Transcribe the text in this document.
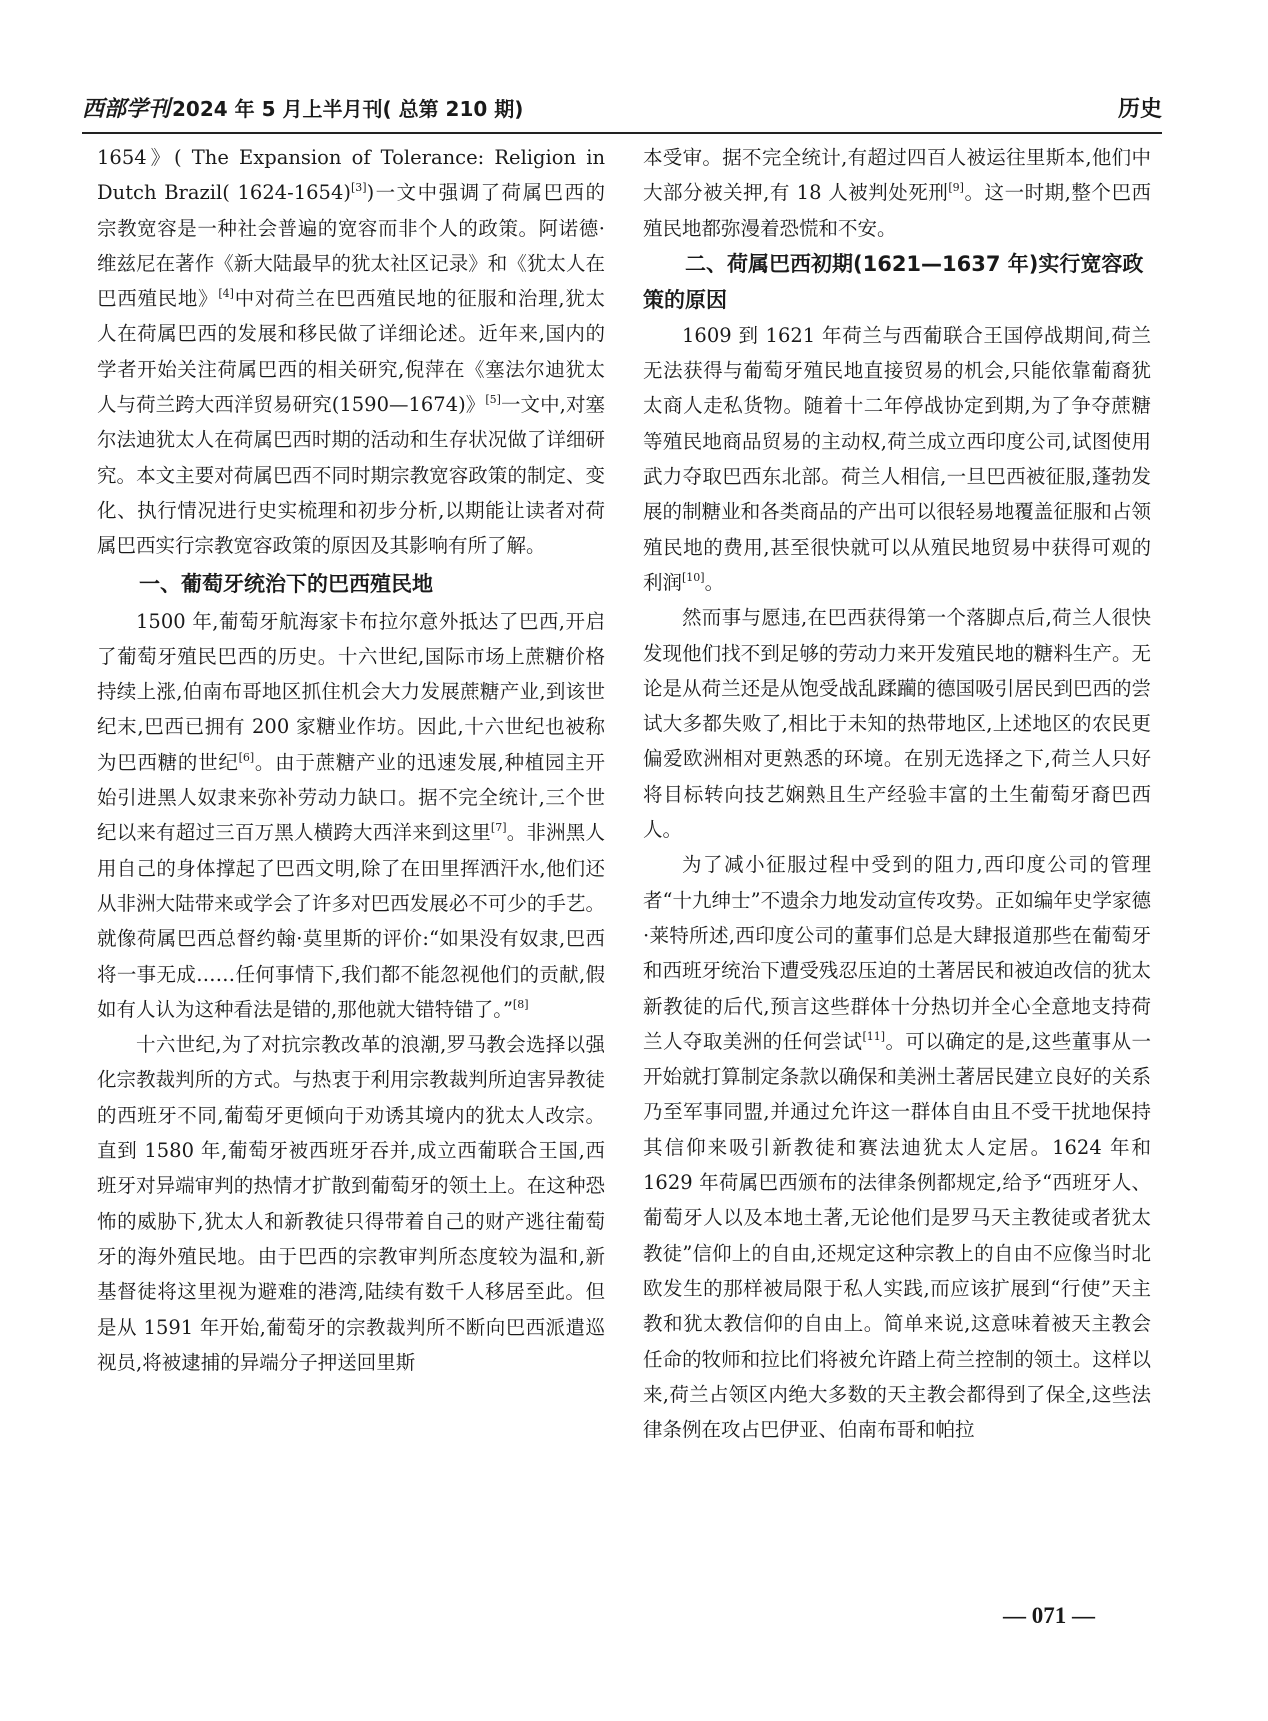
西部学刊 2024 年 5 月上半月刊( 总第 210 期)	历史

1654》( The Expansion of Tolerance: Religion in Dutch Brazil( 1624-1654)[3])一文中强调了荷属巴西的宗教宽容是一种社会普遍的宽容而非个人的政策。阿诺德·维兹尼在著作《新大陆最早的犹太社区记录》和《犹太人在巴西殖民地》[4]中对荷兰在巴西殖民地的征服和治理,犹太人在荷属巴西的发展和移民做了详细论述。近年来,国内的学者开始关注荷属巴西的相关研究,倪萍在《塞法尔迪犹太人与荷兰跨大西洋贸易研究(1590—1674)》[5]一文中,对塞尔法迪犹太人在荷属巴西时期的活动和生存状况做了详细研究。本文主要对荷属巴西不同时期宗教宽容政策的制定、变化、执行情况进行史实梳理和初步分析,以期能让读者对荷属巴西实行宗教宽容政策的原因及其影响有所了解。

一、葡萄牙统治下的巴西殖民地

1500 年,葡萄牙航海家卡布拉尔意外抵达了巴西,开启了葡萄牙殖民巴西的历史。十六世纪,国际市场上蔗糖价格持续上涨,伯南布哥地区抓住机会大力发展蔗糖产业,到该世纪末,巴西已拥有 200 家糖业作坊。因此,十六世纪也被称为巴西糖的世纪[6]。由于蔗糖产业的迅速发展,种植园主开始引进黑人奴隶来弥补劳动力缺口。据不完全统计,三个世纪以来有超过三百万黑人横跨大西洋来到这里[7]。非洲黑人用自己的身体撑起了巴西文明,除了在田里挥洒汗水,他们还从非洲大陆带来或学会了许多对巴西发展必不可少的手艺。就像荷属巴西总督约翰·莫里斯的评价:“如果没有奴隶,巴西将一事无成……任何事情下,我们都不能忽视他们的贡献,假如有人认为这种看法是错的,那他就大错特错了。”[8]

十六世纪,为了对抗宗教改革的浪潮,罗马教会选择以强化宗教裁判所的方式。与热衷于利用宗教裁判所迫害异教徒的西班牙不同,葡萄牙更倾向于劝诱其境内的犹太人改宗。直到 1580 年,葡萄牙被西班牙吞并,成立西葡联合王国,西班牙对异端审判的热情才扩散到葡萄牙的领土上。在这种恐怖的威胁下,犹太人和新教徒只得带着自己的财产逃往葡萄牙的海外殖民地。由于巴西的宗教审判所态度较为温和,新基督徒将这里视为避难的港湾,陆续有数千人移居至此。但是从 1591 年开始,葡萄牙的宗教裁判所不断向巴西派遣巡视员,将被逮捕的异端分子押送回里斯

本受审。据不完全统计,有超过四百人被运往里斯本,他们中大部分被关押,有 18 人被判处死刑[9]。这一时期,整个巴西殖民地都弥漫着恐慌和不安。

二、荷属巴西初期(1621—1637 年)实行宽容政策的原因

1609 到 1621 年荷兰与西葡联合王国停战期间,荷兰无法获得与葡萄牙殖民地直接贸易的机会,只能依靠葡裔犹太商人走私货物。随着十二年停战协定到期,为了争夺蔗糖等殖民地商品贸易的主动权,荷兰成立西印度公司,试图使用武力夺取巴西东北部。荷兰人相信,一旦巴西被征服,蓬勃发展的制糖业和各类商品的产出可以很轻易地覆盖征服和占领殖民地的费用,甚至很快就可以从殖民地贸易中获得可观的利润[10]。

然而事与愿违,在巴西获得第一个落脚点后,荷兰人很快发现他们找不到足够的劳动力来开发殖民地的糖料生产。无论是从荷兰还是从饱受战乱蹂躏的德国吸引居民到巴西的尝试大多都失败了,相比于未知的热带地区,上述地区的农民更偏爱欧洲相对更熟悉的环境。在别无选择之下,荷兰人只好将目标转向技艺娴熟且生产经验丰富的土生葡萄牙裔巴西人。

为了减小征服过程中受到的阻力,西印度公司的管理者“十九绅士”不遗余力地发动宣传攻势。正如编年史学家德·莱特所述,西印度公司的董事们总是大肆报道那些在葡萄牙和西班牙统治下遭受残忍压迫的土著居民和被迫改信的犹太新教徒的后代,预言这些群体十分热切并全心全意地支持荷兰人夺取美洲的任何尝试[11]。可以确定的是,这些董事从一开始就打算制定条款以确保和美洲土著居民建立良好的关系乃至军事同盟,并通过允许这一群体自由且不受干扰地保持其信仰来吸引新教徒和赛法迪犹太人定居。1624 年和 1629 年荷属巴西颁布的法律条例都规定,给予“西班牙人、葡萄牙人以及本地土著,无论他们是罗马天主教徒或者犹太教徒”信仰上的自由,还规定这种宗教上的自由不应像当时北欧发生的那样被局限于私人实践,而应该扩展到“行使”天主教和犹太教信仰的自由上。简单来说,这意味着被天主教会任命的牧师和拉比们将被允许踏上荷兰控制的领土。这样以来,荷兰占领区内绝大多数的天主教会都得到了保全,这些法律条例在攻占巴伊亚、伯南布哥和帕拉

— 071 —
